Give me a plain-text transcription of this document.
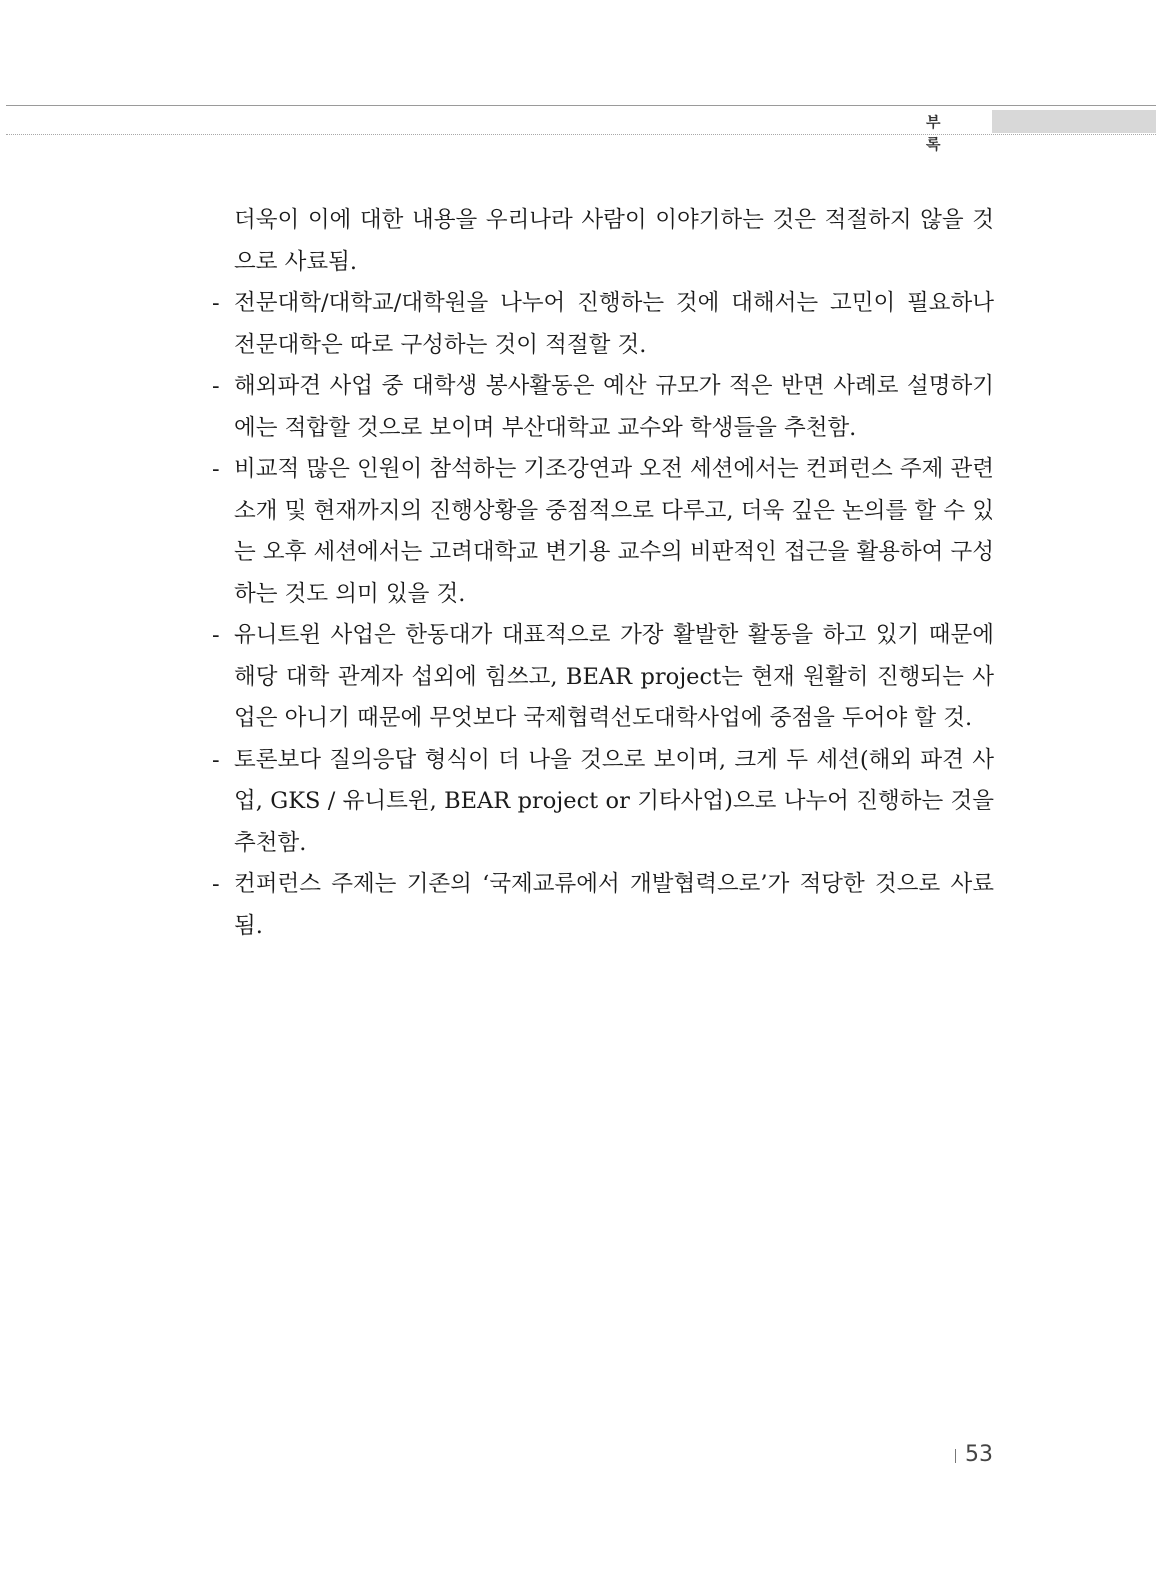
부 록

더욱이 이에 대한 내용을 우리나라 사람이 이야기하는 것은 적절하지 않을 것으로 사료됨.

- 전문대학/대학교/대학원을 나누어 진행하는 것에 대해서는 고민이 필요하나 전문대학은 따로 구성하는 것이 적절할 것.

- 해외파견 사업 중 대학생 봉사활동은 예산 규모가 적은 반면 사례로 설명하기에는 적합할 것으로 보이며 부산대학교 교수와 학생들을 추천함.

- 비교적 많은 인원이 참석하는 기조강연과 오전 세션에서는 컨퍼런스 주제 관련 소개 및 현재까지의 진행상황을 중점적으로 다루고, 더욱 깊은 논의를 할 수 있는 오후 세션에서는 고려대학교 변기용 교수의 비판적인 접근을 활용하여 구성하는 것도 의미 있을 것.

- 유니트윈 사업은 한동대가 대표적으로 가장 활발한 활동을 하고 있기 때문에 해당 대학 관계자 섭외에 힘쓰고, BEAR project는 현재 원활히 진행되는 사업은 아니기 때문에 무엇보다 국제협력선도대학사업에 중점을 두어야 할 것.

- 토론보다 질의응답 형식이 더 나을 것으로 보이며, 크게 두 세션(해외 파견 사업, GKS / 유니트윈, BEAR project or 기타사업)으로 나누어 진행하는 것을 추천함.

- 컨퍼런스 주제는 기존의 ‘국제교류에서 개발협력으로’가 적당한 것으로 사료됨.

53
